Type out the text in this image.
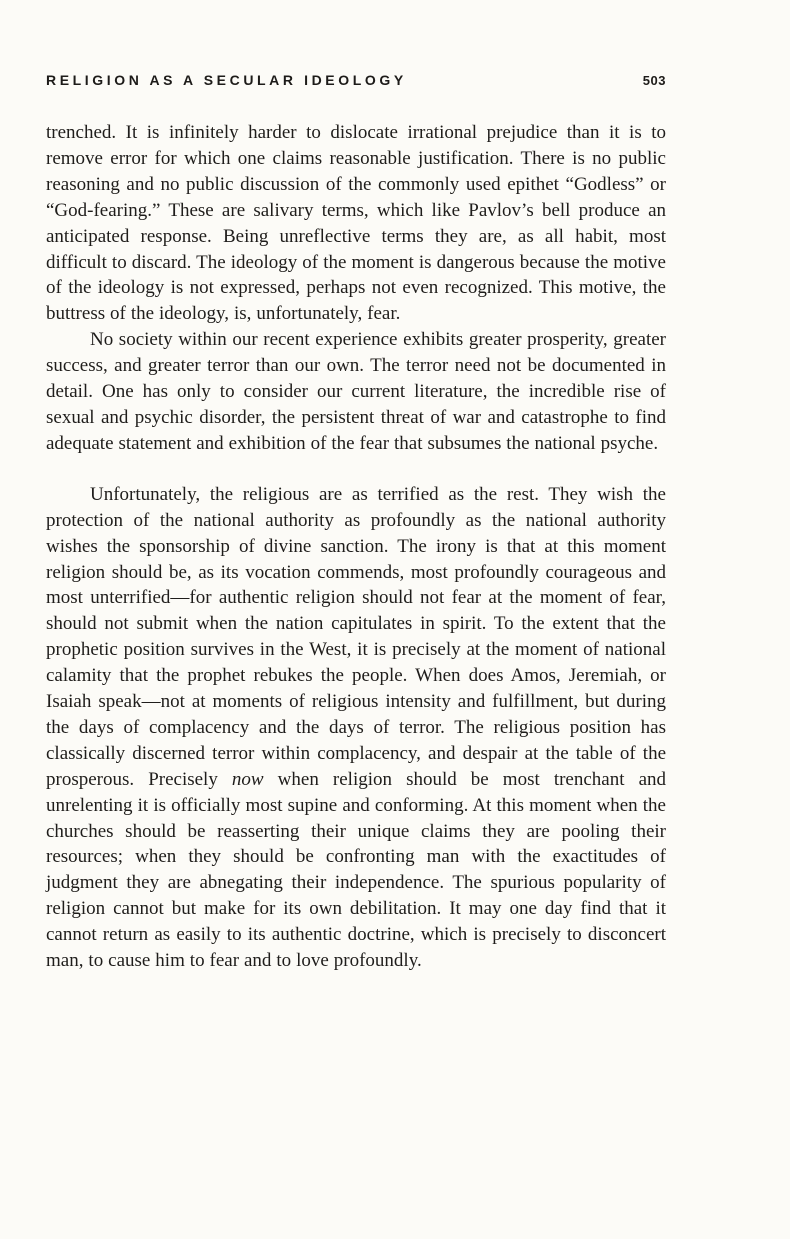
RELIGION AS A SECULAR IDEOLOGY	503

trenched. It is infinitely harder to dislocate irrational prejudice than it is to remove error for which one claims reasonable justification. There is no public reasoning and no public discussion of the commonly used epithet “Godless” or “God-fearing.” These are salivary terms, which like Pavlov’s bell produce an anticipated response. Being unreflective terms they are, as all habit, most difficult to discard. The ideology of the moment is dangerous because the motive of the ideology is not expressed, perhaps not even recognized. This motive, the buttress of the ideology, is, unfortunately, fear.

No society within our recent experience exhibits greater prosperity, greater success, and greater terror than our own. The terror need not be documented in detail. One has only to consider our current literature, the incredible rise of sexual and psychic disorder, the persistent threat of war and catastrophe to find adequate statement and exhibition of the fear that subsumes the national psyche.

Unfortunately, the religious are as terrified as the rest. They wish the protection of the national authority as profoundly as the national authority wishes the sponsorship of divine sanction. The irony is that at this moment religion should be, as its vocation commends, most profoundly courageous and most unterrified—for authentic religion should not fear at the moment of fear, should not submit when the nation capitulates in spirit. To the extent that the prophetic position survives in the West, it is precisely at the moment of national calamity that the prophet rebukes the people. When does Amos, Jeremiah, or Isaiah speak—not at moments of religious intensity and fulfillment, but during the days of complacency and the days of terror. The religious position has classically discerned terror within complacency, and despair at the table of the prosperous. Precisely now when religion should be most trenchant and unrelenting it is officially most supine and conforming. At this moment when the churches should be reasserting their unique claims they are pooling their resources; when they should be confronting man with the exactitudes of judgment they are abnegating their independence. The spurious popularity of religion cannot but make for its own debilitation. It may one day find that it cannot return as easily to its authentic doctrine, which is precisely to disconcert man, to cause him to fear and to love profoundly.
